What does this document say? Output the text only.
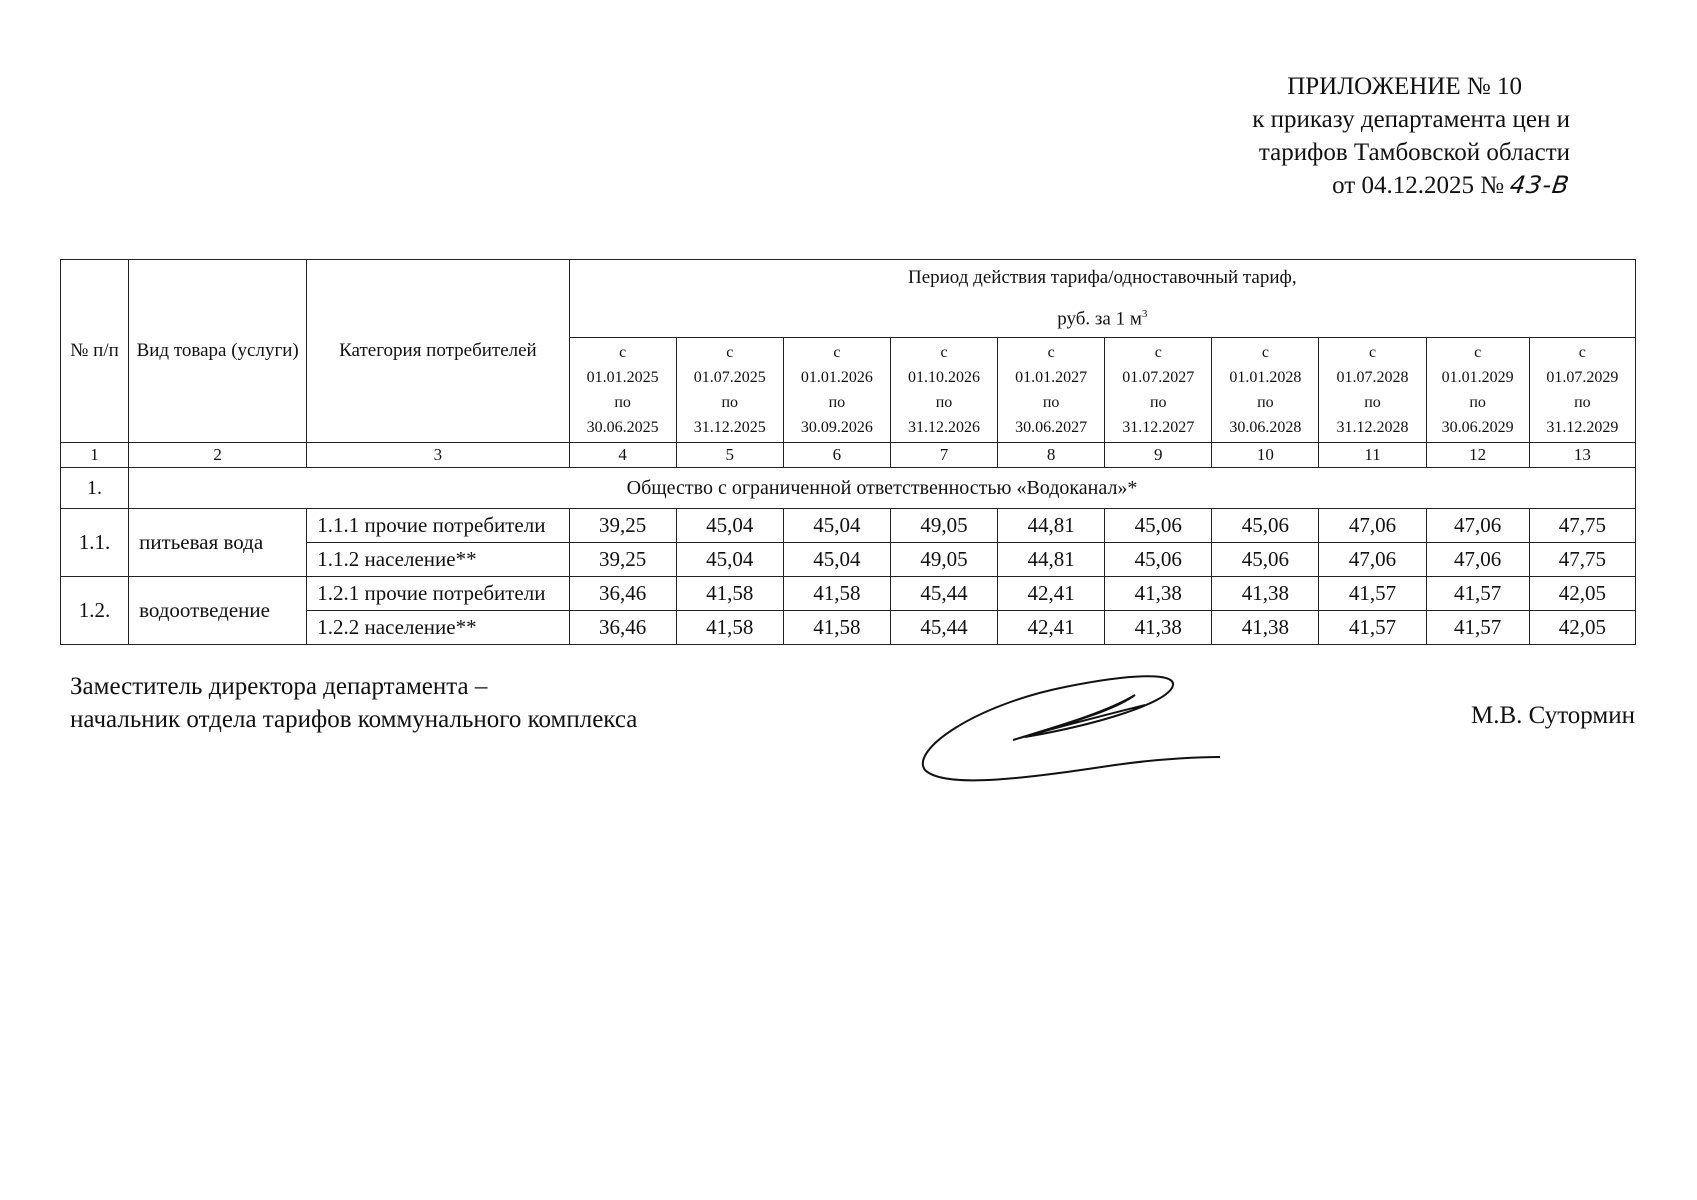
ПРИЛОЖЕНИЕ № 10
к приказу департамента цен и
тарифов Тамбовской области
от 04.12.2025 № 43-В
№ п/п	Вид товара (услуги)	Категория потребителей	Период действия тарифа/одноставочный тариф,
руб. за 1 $м^3$

			с
01.01.2025
по
30.06.2025	с
01.07.2025
по
31.12.2025	с
01.01.2026
по
30.09.2026	с
01.10.2026
по
31.12.2026	с
01.01.2027
по
30.06.2027	с
01.07.2027
по
31.12.2027	с
01.01.2028
по
30.06.2028	с
01.07.2028
по
31.12.2028	с
01.01.2029
по
30.06.2029	с
01.07.2029
по
31.12.2029

1	2	3	4	5	6	7	8	9	10	11	12	13
1.	Общество с ограниченной ответственностью «Водоканал»*											
1.1.	питьевая вода	1.1.1 прочие потребители	39,25	45,04	45,04	49,05	44,81	45,06	45,06	47,06	47,06	47,75
		1.1.2 население**	39,25	45,04	45,04	49,05	44,81	45,06	45,06	47,06	47,06	47,75
1.2.	водоотведение	1.2.1 прочие потребители	36,46	41,58	41,58	45,44	42,41	41,38	41,38	41,57	41,57	42,05
		1.2.2 население**	36,46	41,58	41,58	45,44	42,41	41,38	41,38	41,57	41,57	42,05
Заместитель директора департамента –
начальник отдела тарифов коммунального комплекса	М.В. Сутормин
